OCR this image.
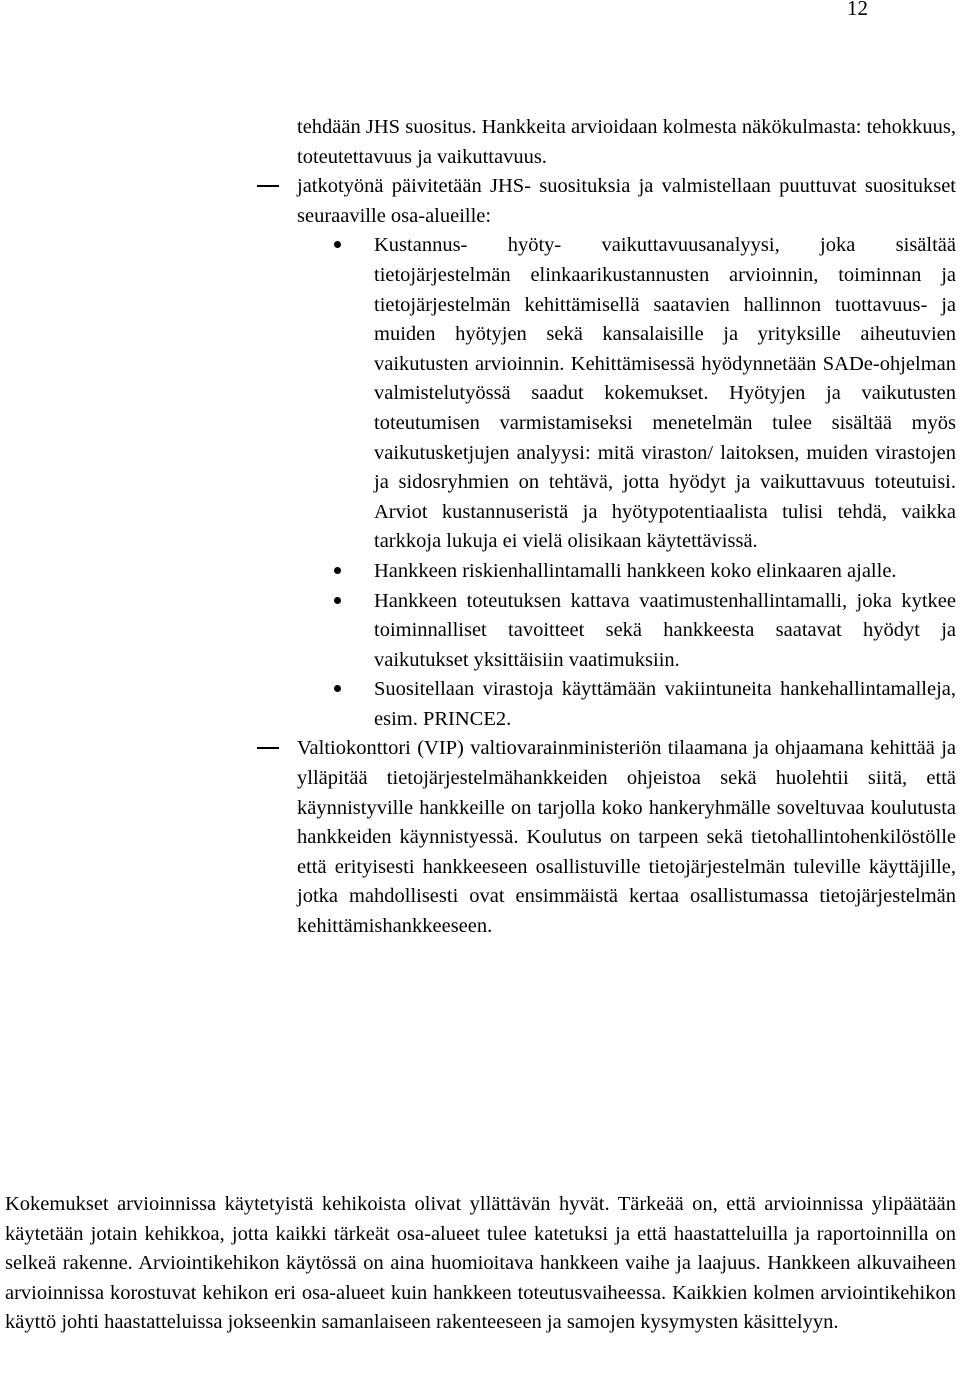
12

tehdään JHS suositus. Hankkeita arvioidaan kolmesta näkökulmasta: tehokkuus, toteutettavuus ja vaikuttavuus.

jatkotyönä päivitetään JHS- suosituksia ja valmistellaan puuttuvat suositukset seuraaville osa-alueille:

Kustannus- hyöty- vaikuttavuusanalyysi, joka sisältää tietojärjestelmän elinkaarikustannusten arvioinnin, toiminnan ja tietojärjestelmän kehittämisellä saatavien hallinnon tuottavuus- ja muiden hyötyjen sekä kansalaisille ja yrityksille aiheutuvien vaikutusten arvioinnin. Kehittämisessä hyödynnetään SADe-ohjelman valmistelutyössä saadut kokemukset. Hyötyjen ja vaikutusten toteutumisen varmistamiseksi menetelmän tulee sisältää myös vaikutusketjujen analyysi: mitä viraston/ laitoksen, muiden virastojen ja sidosryhmien on tehtävä, jotta hyödyt ja vaikuttavuus toteutuisi. Arviot kustannuseristä ja hyötypotentiaalista tulisi tehdä, vaikka tarkkoja lukuja ei vielä olisikaan käytettävissä.

Hankkeen riskienhallintamalli hankkeen koko elinkaaren ajalle.

Hankkeen toteutuksen kattava vaatimustenhallintamalli, joka kytkee toiminnalliset tavoitteet sekä hankkeesta saatavat hyödyt ja vaikutukset yksittäisiin vaatimuksiin.

Suositellaan virastoja käyttämään vakiintuneita hankehallintamalleja, esim. PRINCE2.

Valtiokonttori (VIP) valtiovarainministeriön tilaamana ja ohjaamana kehittää ja ylläpitää tietojärjestelmähankkeiden ohjeistoa sekä huolehtii siitä, että käynnistyville hankkeille on tarjolla koko hankeryhmälle soveltuvaa koulutusta hankkeiden käynnistyessä. Koulutus on tarpeen sekä tietohallintohenkilöstölle että erityisesti hankkeeseen osallistuville tietojärjestelmän tuleville käyttäjille, jotka mahdollisesti ovat ensimmäistä kertaa osallistumassa tietojärjestelmän kehittämishankkeeseen.

Kokemukset arvioinnissa käytetyistä kehikoista olivat yllättävän hyvät. Tärkeää on, että arvioinnissa ylipäätään käytetään jotain kehikkoa, jotta kaikki tärkeät osa-alueet tulee katetuksi ja että haastatteluilla ja raportoinnilla on selkeä rakenne. Arviointikehikon käytössä on aina huomioitava hankkeen vaihe ja laajuus. Hankkeen alkuvaiheen arvioinnissa korostuvat kehikon eri osa-alueet kuin hankkeen toteutusvaiheessa. Kaikkien kolmen arviointikehikon käyttö johti haastatteluissa jokseenkin samanlaiseen rakenteeseen ja samojen kysymysten käsittelyyn.
